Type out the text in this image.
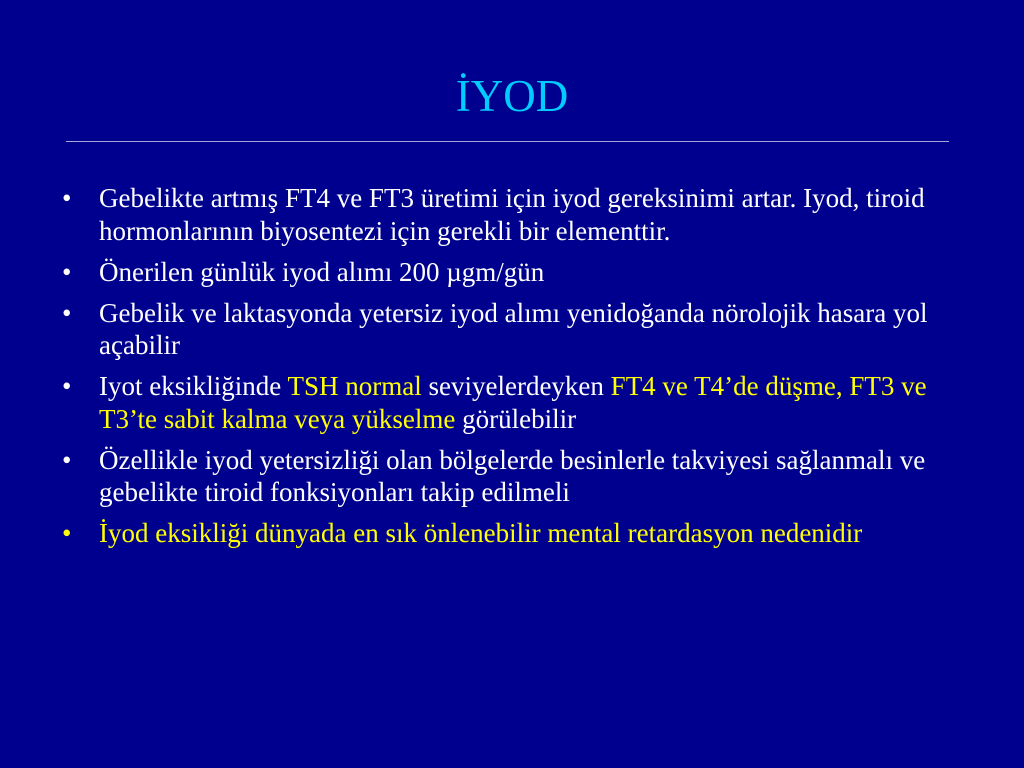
İYOD
•	Gebelikte artmış FT4 ve FT3 üretimi için iyod gereksinimi artar. Iyod, tiroid hormonlarının biyosentezi için gerekli bir elementtir.
•	Önerilen günlük iyod alımı 200 µgm/gün
•	Gebelik ve laktasyonda yetersiz iyod alımı yenidoğanda nörolojik hasara yol açabilir
•	Iyot eksikliğinde TSH normal seviyelerdeyken FT4 ve T4’de düşme, FT3 ve T3’te sabit kalma veya yükselme görülebilir
•	Özellikle iyod yetersizliği olan bölgelerde besinlerle takviyesi sağlanmalı ve gebelikte tiroid fonksiyonları takip edilmeli
•	İyod eksikliği dünyada en sık önlenebilir mental retardasyon nedenidir
